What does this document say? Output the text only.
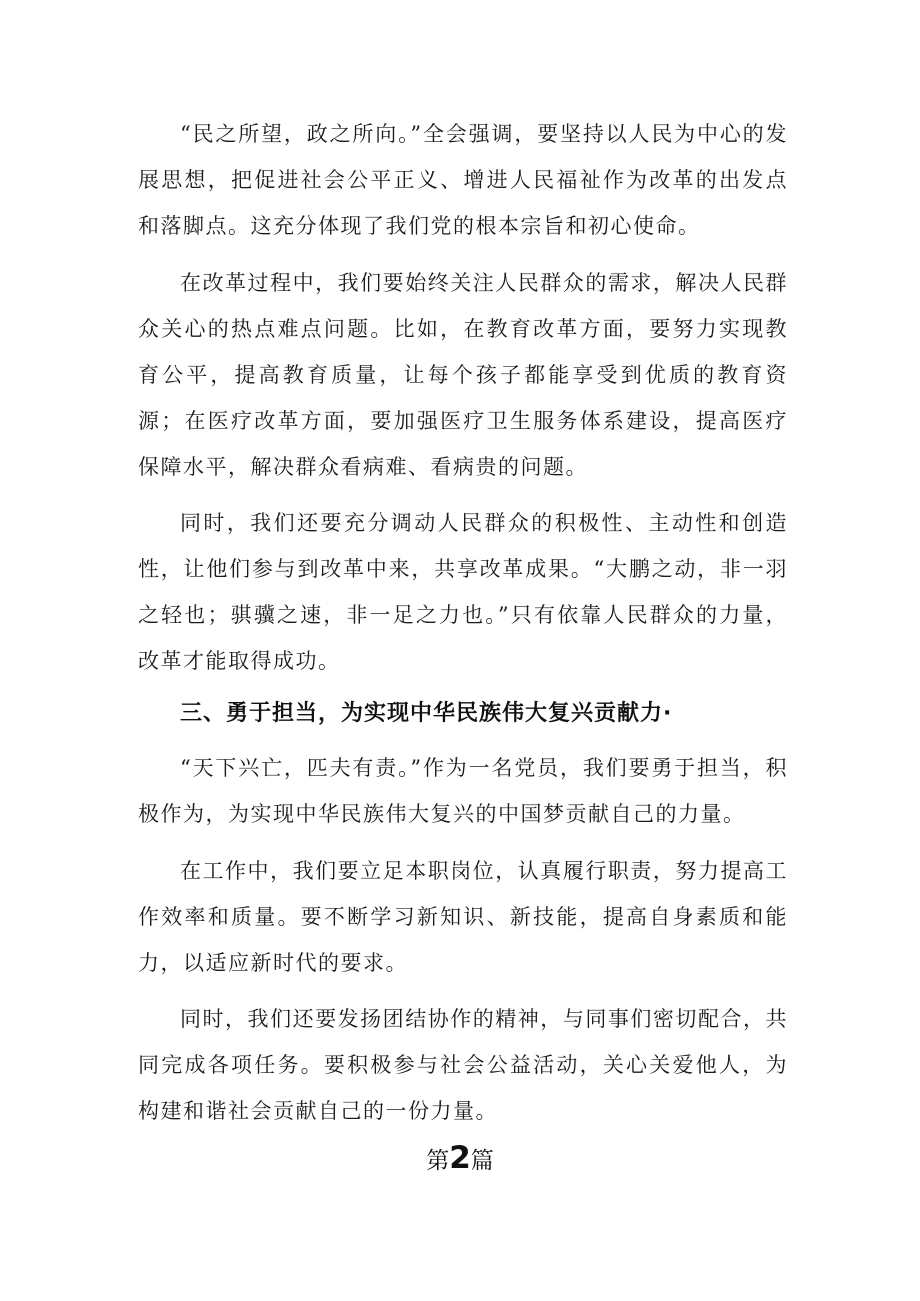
“民之所望，政之所向。”全会强调，要坚持以人民为中心的发展思想，把促进社会公平正义、增进人民福祉作为改革的出发点和落脚点。这充分体现了我们党的根本宗旨和初心使命。

在改革过程中，我们要始终关注人民群众的需求，解决人民群众关心的热点难点问题。比如，在教育改革方面，要努力实现教育公平，提高教育质量，让每个孩子都能享受到优质的教育资源；在医疗改革方面，要加强医疗卫生服务体系建设，提高医疗保障水平，解决群众看病难、看病贵的问题。

同时，我们还要充分调动人民群众的积极性、主动性和创造性，让他们参与到改革中来，共享改革成果。“大鹏之动，非一羽之轻也；骐骥之速，非一足之力也。”只有依靠人民群众的力量，改革才能取得成功。

三、勇于担当，为实现中华民族伟大复兴贡献力·

“天下兴亡，匹夫有责。”作为一名党员，我们要勇于担当，积极作为，为实现中华民族伟大复兴的中国梦贡献自己的力量。

在工作中，我们要立足本职岗位，认真履行职责，努力提高工作效率和质量。要不断学习新知识、新技能，提高自身素质和能力，以适应新时代的要求。

同时，我们还要发扬团结协作的精神，与同事们密切配合，共同完成各项任务。要积极参与社会公益活动，关心关爱他人，为构建和谐社会贡献自己的一份力量。

第2篇
